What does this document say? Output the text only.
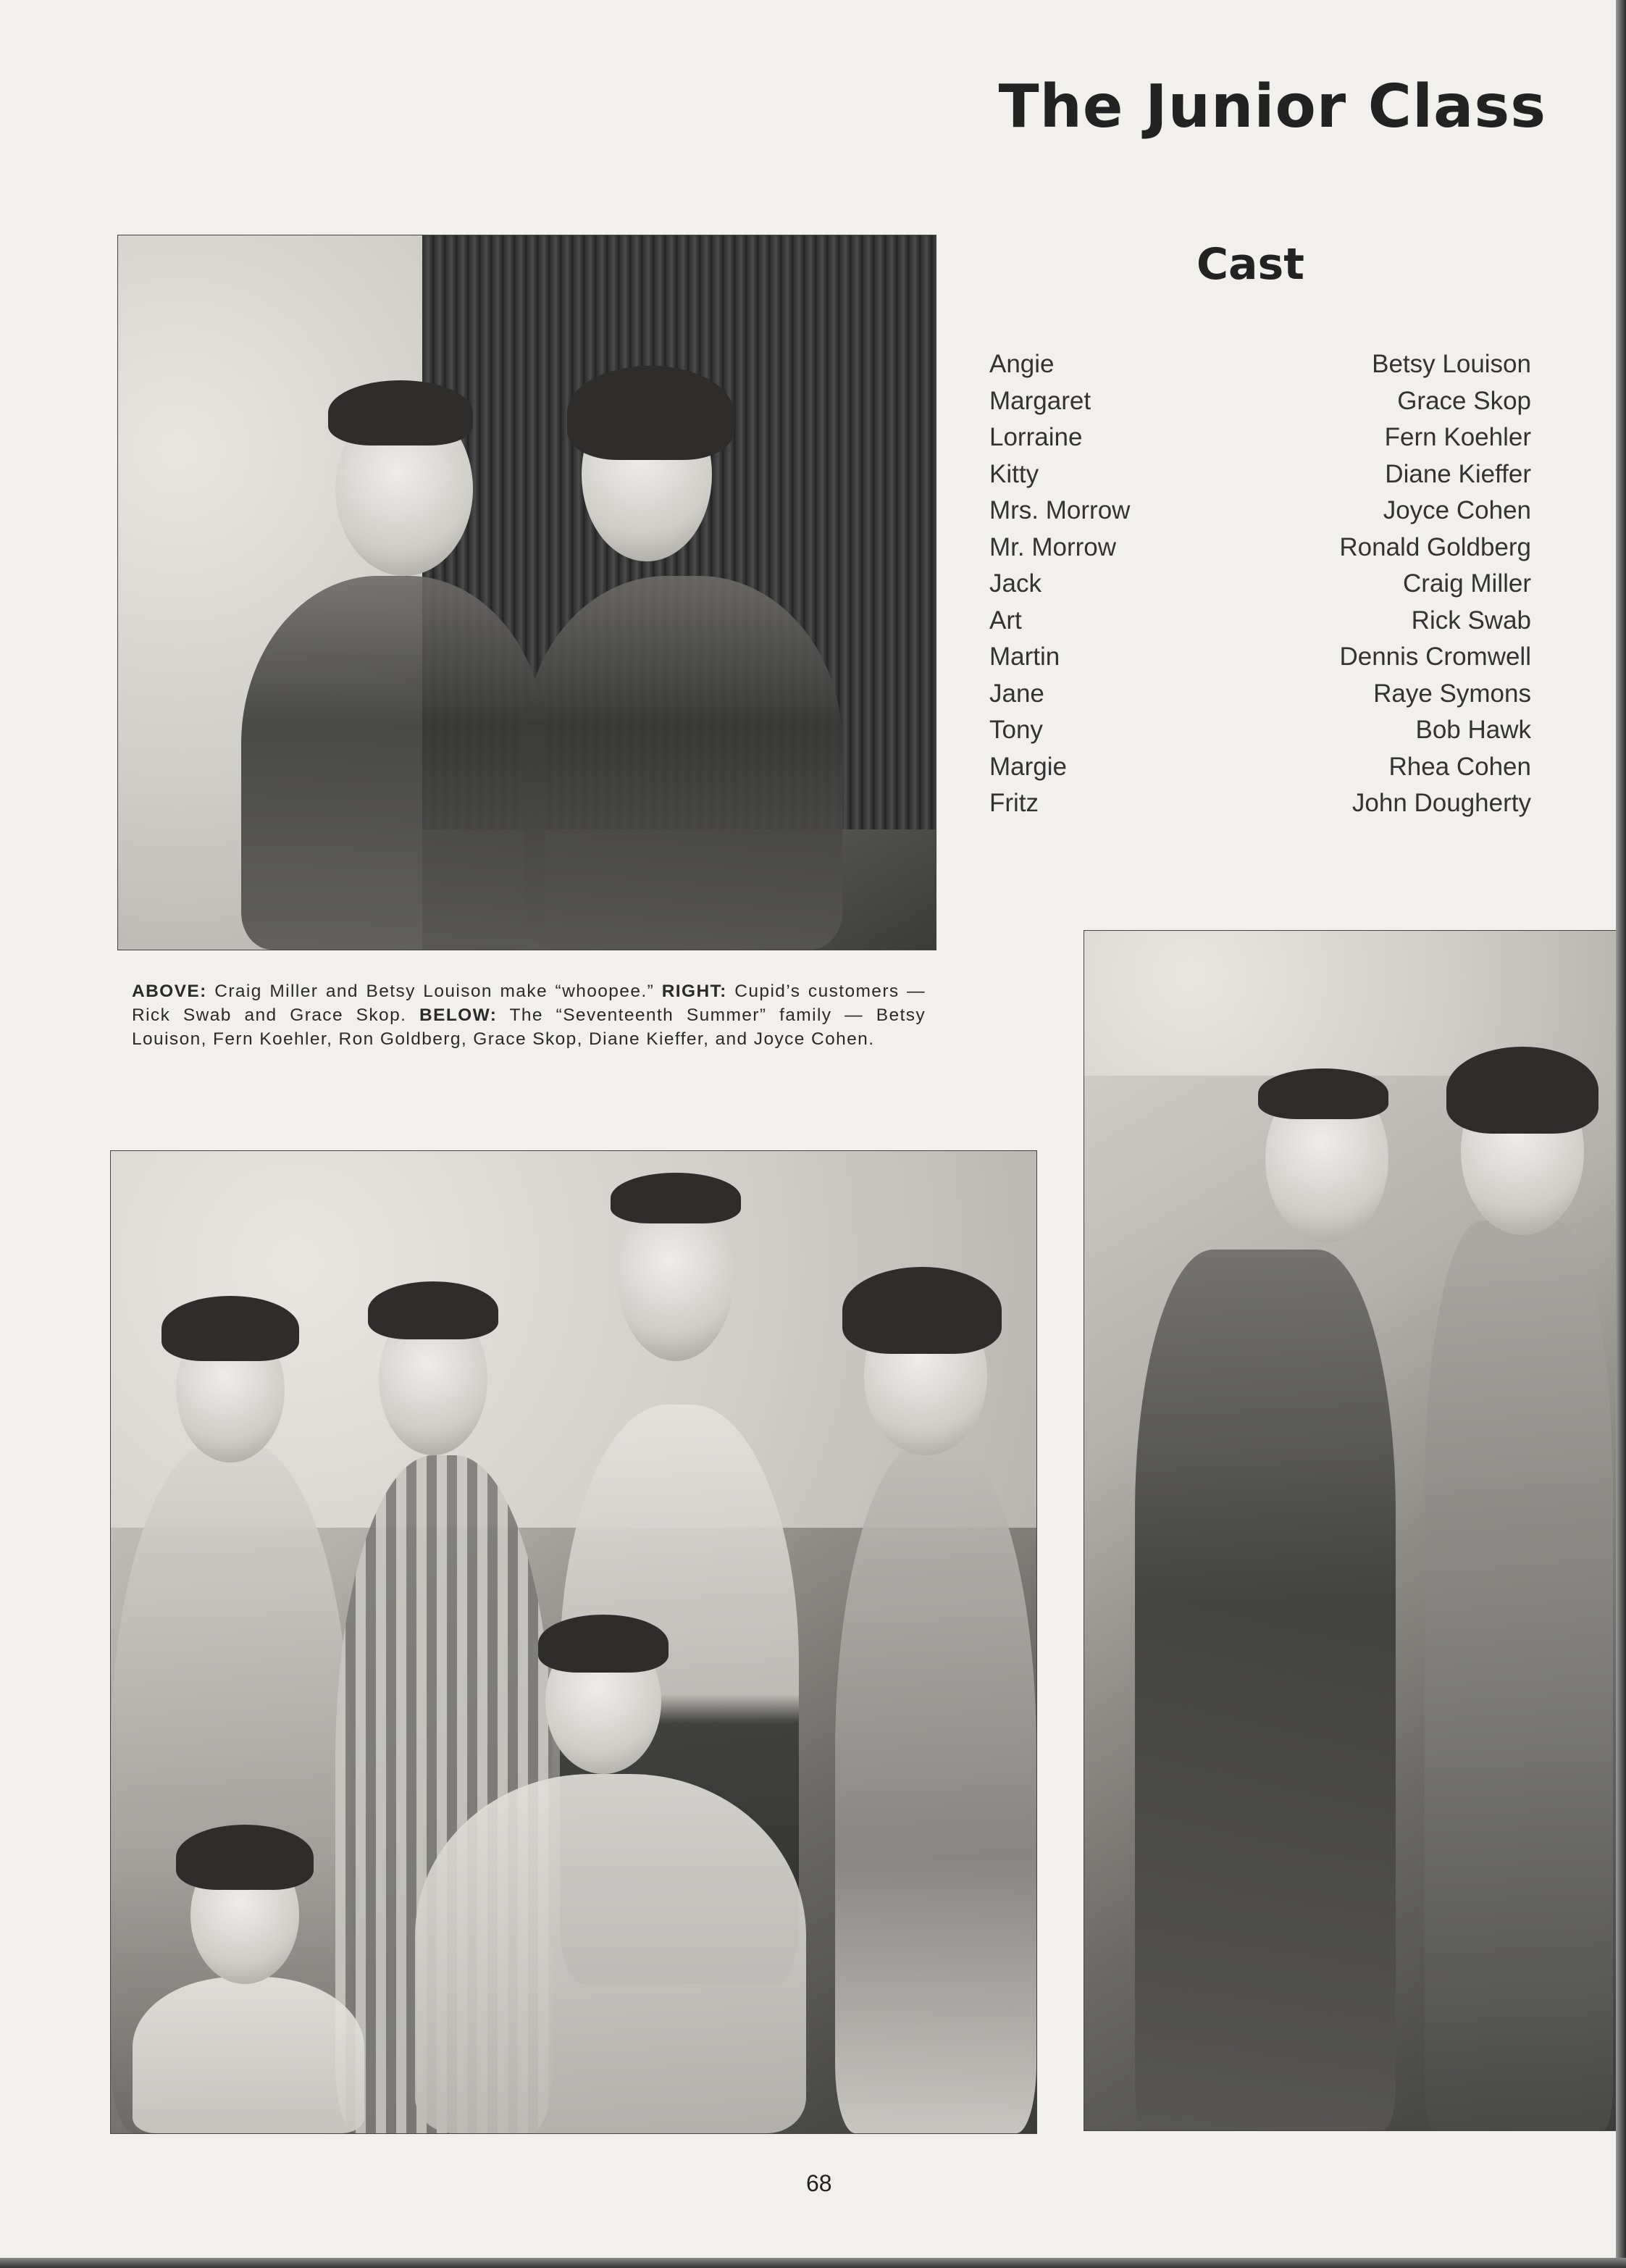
The Junior Class
Cast
Angie	Betsy Louison
Margaret	Grace Skop
Lorraine	Fern Koehler
Kitty	Diane Kieffer
Mrs. Morrow	Joyce Cohen
Mr. Morrow	Ronald Goldberg
Jack	Craig Miller
Art	Rick Swab
Martin	Dennis Cromwell
Jane	Raye Symons
Tony	Bob Hawk
Margie	Rhea Cohen
Fritz	John Dougherty
ABOVE: Craig Miller and Betsy Louison make “whoopee.” RIGHT: Cupid’s customers — Rick Swab and Grace Skop. BELOW: The “Seventeenth Summer” family — Betsy Louison, Fern Koehler, Ron Goldberg, Grace Skop, Diane Kieffer, and Joyce Cohen.
68
